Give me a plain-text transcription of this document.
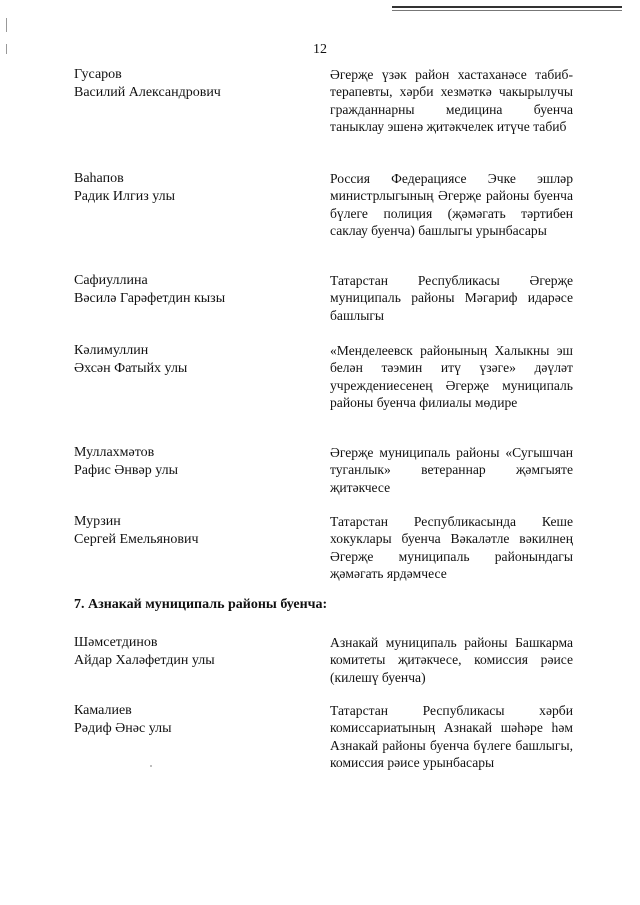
12
Гусаров
Василий Александрович
Әгерҗе үзәк район хастаханәсе табиб-терапевты, хәрби хезмәткә чакырылучы гражданнарны медицина буенча таныклау эшенә җитәкчелек итүче табиб
Ваһапов
Радик Илгиз улы
Россия Федерациясе Эчке эшләр министрлыгының Әгерҗе районы буенча бүлеге полиция (җәмәгать тәртибен саклау буенча) башлыгы урынбасары
Сафиуллина
Вәсилә Гарәфетдин кызы
Татарстан Республикасы Әгерҗе муниципаль районы Мәгариф идарәсе башлыгы
Кәлимуллин
Әхсән Фатыйх улы
«Менделеевск районының Халыкны эш белән тәэмин итү үзәге» дәүләт учреждениесенең Әгерҗе муниципаль районы буенча филиалы мөдире
Муллахмәтов
Рафис Әнвәр улы
Әгерҗе муниципаль районы «Сугышчан туганлык» ветераннар җәмгыяте җитәкчесе
Мурзин
Сергей Емельянович
Татарстан Республикасында Кеше хокуклары буенча Вәкаләтле вәкилнең Әгерҗе муниципаль районындагы җәмәгать ярдәмчесе
7. Азнакай муниципаль районы буенча:
Шәмсетдинов
Айдар Халәфетдин улы
Азнакай муниципаль районы Башкарма комитеты җитәкчесе, комиссия рәисе (килешү буенча)
Камалиев
Рәдиф Әнәс улы
Татарстан Республикасы хәрби комиссариатының Азнакай шәһәре һәм Азнакай районы буенча бүлеге башлыгы, комиссия рәисе урынбасары
